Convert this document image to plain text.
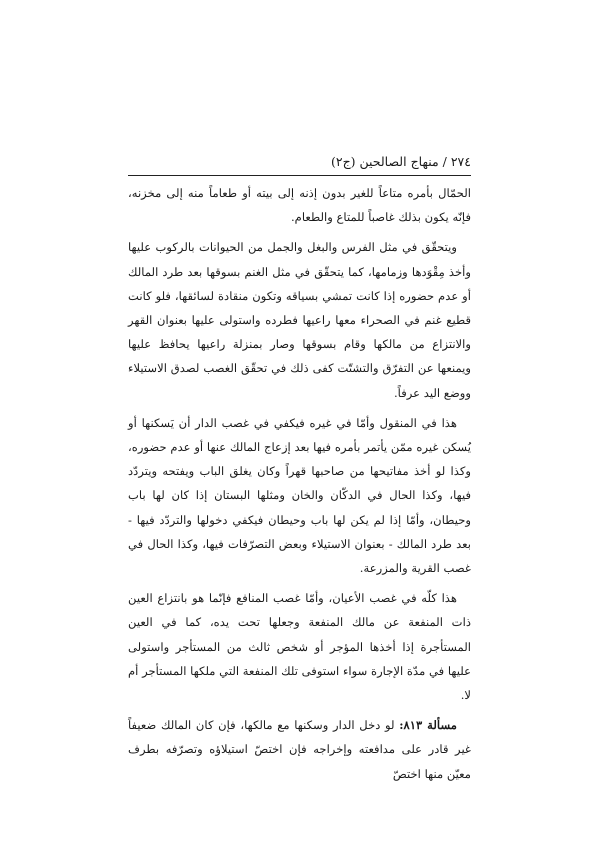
٢٧٤ / منهاج الصالحين (ج٢)

الحمّال بأمره متاعاً للغير بدون إذنه إلى بيته أو طعاماً منه إلى مخزنه، فإنّه يكون بذلك غاصباً للمتاع والطعام.

ويتحقّق في مثل الفرس والبغل والجمل من الحيوانات بالركوب عليها وأخذ مِقْوَدها وزمامها، كما يتحقّق في مثل الغنم بسوقها بعد طرد المالك أو عدم حضوره إذا كانت تمشي بسياقه وتكون منقادة لسائقها، فلو كانت قطيع غنم في الصحراء معها راعيها فطرده واستولى عليها بعنوان القهر والانتزاع من مالكها وقام بسوقها وصار بمنزلة راعيها يحافظ عليها ويمنعها عن التفرّق والتشتّت كفى ذلك في تحقّق الغصب لصدق الاستيلاء ووضع اليد عرفاً.

هذا في المنقول وأمّا في غيره فيكفي في غصب الدار أن يَسكنها أو يُسكن غيره ممّن يأتمر بأمره فيها بعد إزعاج المالك عنها أو عدم حضوره، وكذا لو أخذ مفاتيحها من صاحبها قهراً وكان يغلق الباب ويفتحه ويتردّد فيها، وكذا الحال في الدكّان والخان ومثلها البستان إذا كان لها باب وحيطان، وأمّا إذا لم يكن لها باب وحيطان فيكفي دخولها والتردّد فيها - بعد طرد المالك - بعنوان الاستيلاء وبعض التصرّفات فيها، وكذا الحال في غصب القرية والمزرعة.

هذا كلّه في غصب الأعيان، وأمّا غصب المنافع فإنّما هو بانتزاع العين ذات المنفعة عن مالك المنفعة وجعلها تحت يده، كما في العين المستأجرة إذا أخذها المؤجر أو شخص ثالث من المستأجر واستولى عليها في مدّة الإجارة سواء استوفى تلك المنفعة التي ملكها المستأجر أم لا.

مسألة ٨١٣: لو دخل الدار وسكنها مع مالكها، فإن كان المالك ضعيفاً غير قادر على مدافعته وإخراجه فإن اختصّ استيلاؤه وتصرّفه بطرف معيّن منها اختصّ
